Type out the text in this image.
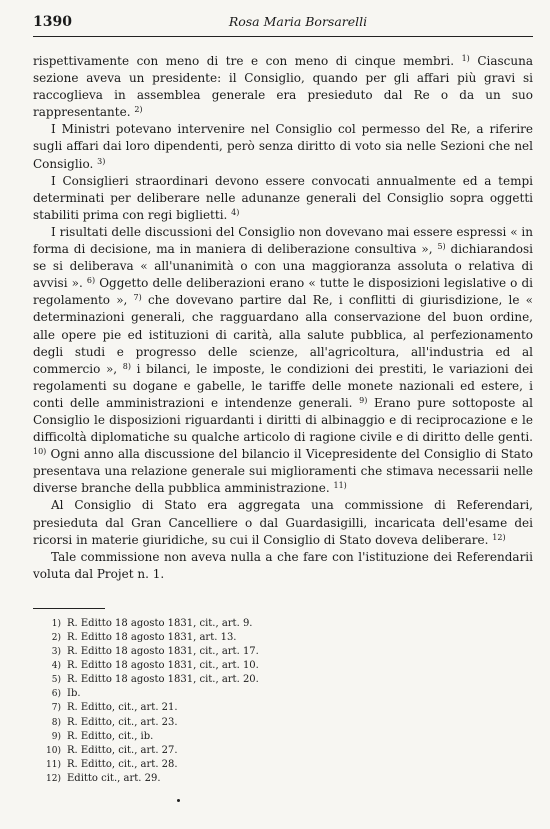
1390	Rosa Maria Borsarelli

rispettivamente con meno di tre e con meno di cinque membri. $^{1)}$ Ciascuna sezione aveva un presidente: il Consiglio, quando per gli affari più gravi si raccoglieva in assemblea generale era presieduto dal Re o da un suo rappresentante. $^{2)}$

I Ministri potevano intervenire nel Consiglio col permesso del Re, a riferire sugli affari dai loro dipendenti, però senza diritto di voto sia nelle Sezioni che nel Consiglio. $^{3)}$

I Consiglieri straordinari devono essere convocati annualmente ed a tempi determinati per deliberare nelle adunanze generali del Consiglio sopra oggetti stabiliti prima con regi biglietti. $^{4)}$

I risultati delle discussioni del Consiglio non dovevano mai essere espressi « in forma di decisione, ma in maniera di deliberazione consultiva », $^{5)}$ dichiarandosi se si deliberava « all'unanimità o con una maggioranza assoluta o relativa di avvisi ». $^{6)}$ Oggetto delle deliberazioni erano « tutte le disposizioni legislative o di regolamento », $^{7)}$ che dovevano partire dal Re, i conflitti di giurisdizione, le « determinazioni generali, che ragguardano alla conservazione del buon ordine, alle opere pie ed istituzioni di carità, alla salute pubblica, al perfezionamento degli studi e progresso delle scienze, all'agricoltura, all'industria ed al commercio », $^{8)}$ i bilanci, le imposte, le condizioni dei prestiti, le variazioni dei regolamenti su dogane e gabelle, le tariffe delle monete nazionali ed estere, i conti delle amministrazioni e intendenze generali. $^{9)}$ Erano pure sottoposte al Consiglio le disposizioni riguardanti i diritti di albinaggio e di reciprocazione e le difficoltà diplomatiche su qualche articolo di ragione civile e di diritto delle genti. $^{10)}$ Ogni anno alla discussione del bilancio il Vicepresidente del Consiglio di Stato presentava una relazione generale sui miglioramenti che stimava necessarii nelle diverse branche della pubblica amministrazione. $^{11)}$

Al Consiglio di Stato era aggregata una commissione di Referendari, presieduta dal Gran Cancelliere o dal Guardasigilli, incaricata dell'esame dei ricorsi in materie giuridiche, su cui il Consiglio di Stato doveva deliberare. $^{12)}$

Tale commissione non aveva nulla a che fare con l'istituzione dei Referendarii voluta dal Projet n. 1.

1) R. Editto 18 agosto 1831, cit., art. 9.
2) R. Editto 18 agosto 1831, art. 13.
3) R. Editto 18 agosto 1831, cit., art. 17.
4) R. Editto 18 agosto 1831, cit., art. 10.
5) R. Editto 18 agosto 1831, cit., art. 20.
6) Ib.
7) R. Editto, cit., art. 21.
8) R. Editto, cit., art. 23.
9) R. Editto, cit., ib.
10) R. Editto, cit., art. 27.
11) R. Editto, cit., art. 28.
12) Editto cit., art. 29.
